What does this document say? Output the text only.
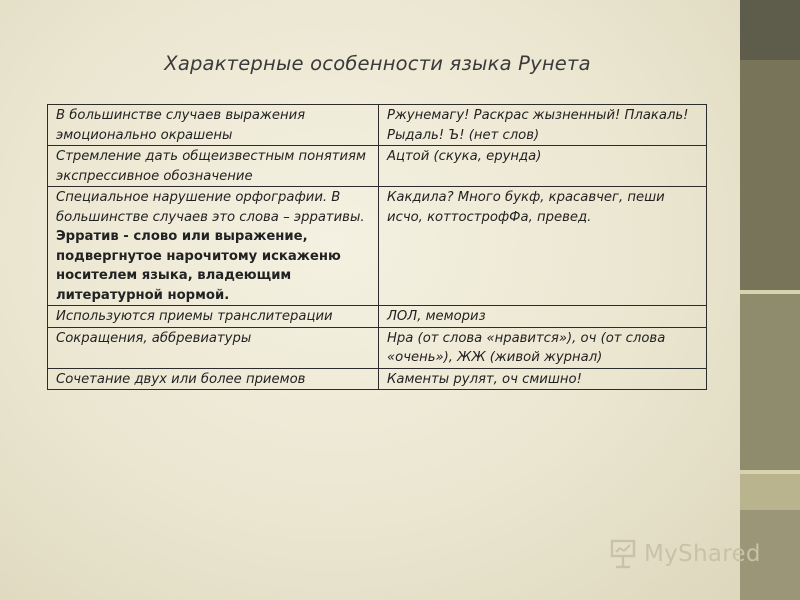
Характерные особенности языка Рунета
В большинстве случаев выражения эмоционально окрашены	Ржунемагу! Раскрас жызненный! Плакаль! Рыдаль! Ъ! (нет слов)
Стремление дать общеизвестным понятиям экспрессивное обозначение	Ацтой (скука, ерунда)
Специальное нарушение орфографии. В большинстве случаев это слова – эрративы. Эрратив - слово или выражение, подвергнутое нарочитому искаженю носителем языка, владеющим литературной нормой.	Какдила? Много букф, красавчег, пеши исчо, коттострофФа, превед.
Используются приемы транслитерации	ЛОЛ, мемориз
Сокращения, аббревиатуры	Нра (от слова «нравится»), оч (от слова «очень»), ЖЖ (живой журнал)
Сочетание двух или более приемов	Каменты рулят, оч смишно!
MyShared
